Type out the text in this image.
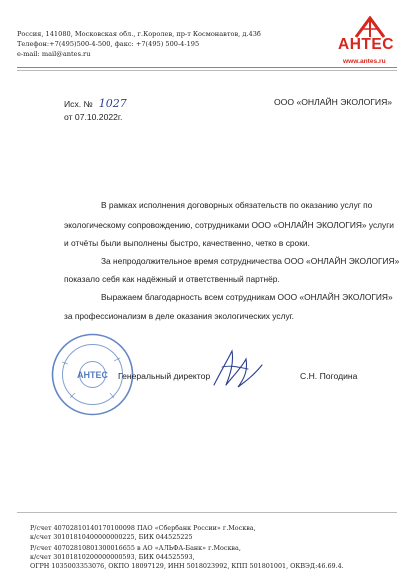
Россия, 141080, Московская обл., г.Королев, пр-т Космонавтов, д.43б
Телефон:+7(495)500-4-500, факс: +7(495) 500-4-195
e-mail: mail@antes.ru
АНТЕС
www.antes.ru
Исх. № 1027
от 07.10.2022г.
ООО «ОНЛАЙН ЭКОЛОГИЯ»
В рамках исполнения договорных обязательств по оказанию услуг по
экологическому сопровождению, сотрудниками ООО «ОНЛАЙН ЭКОЛОГИЯ» услуги
и отчёты были выполнены быстро, качественно, четко в сроки.
За непродолжительное время сотрудничества ООО «ОНЛАЙН ЭКОЛОГИЯ»
показало себя как надёжный и ответственный партнёр.
Выражаем благодарность всем сотрудникам ООО «ОНЛАЙН ЭКОЛОГИЯ»
за профессионализм в деле оказания экологических услуг.
АНТЕС Генеральный директор	С.Н. Погодина
Р/счет 40702810140170100098 ПАО «Сбербанк России» г.Москва,
к/счет 30101810400000000225, БИК 044525225
Р/счет 40702810801300016655 в АО «АЛЬФА-Банк» г.Москва,
к/счет 30101810200000000593, БИК 044525593,
ОГРН 1035003353076, ОКПО 18097129, ИНН 5018023992, КПП 501801001, ОКВЭД:46.69.4.
